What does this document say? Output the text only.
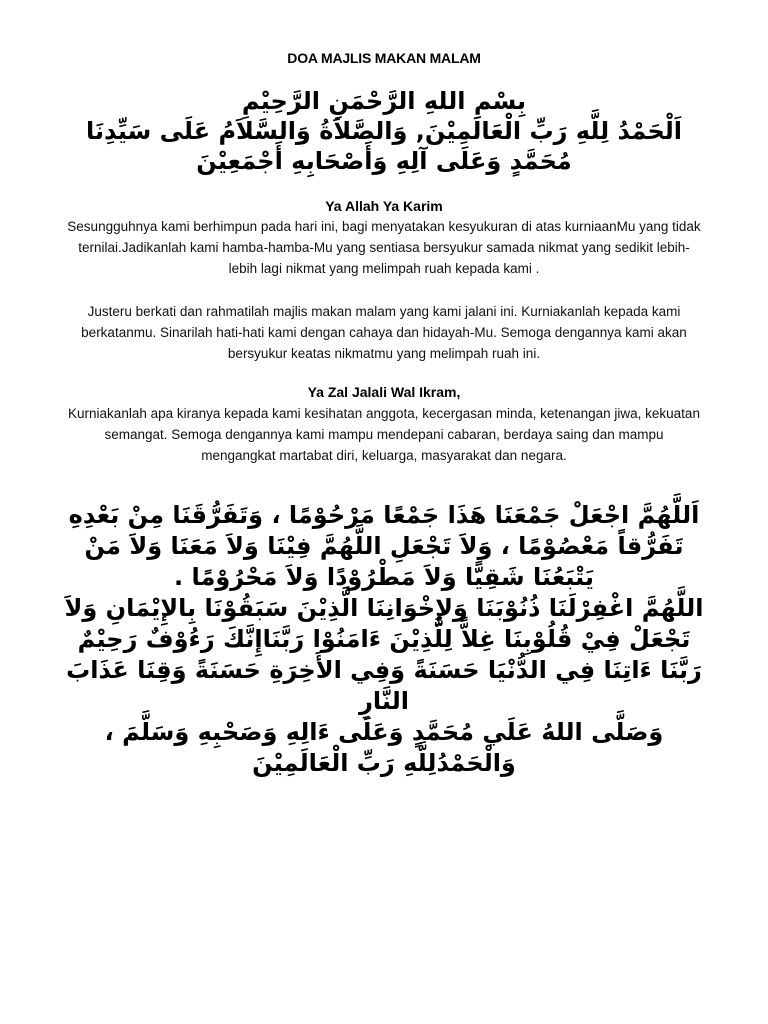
DOA MAJLIS MAKAN MALAM
بِسْمِ اللهِ الرَّحْمَنِ الرَّحِيْمِ
اَلْحَمْدُ لِلَّهِ رَبِّ الْعَالَمِيْنَ, وَالصَّلاَةُ وَالسَّلاَمُ عَلَى سَيِّدِنَا
مُحَمَّدٍ وَعَلَى آلِهِ وَأَصْحَابِهِ أَجْمَعِيْنَ
Ya Allah Ya Karim
Sesungguhnya kami berhimpun pada hari ini, bagi menyatakan kesyukuran di atas kurniaanMu yang tidak
ternilai.Jadikanlah kami hamba-hamba-Mu yang sentiasa bersyukur samada nikmat yang sedikit lebih-
lebih lagi nikmat yang melimpah ruah kepada kami .
Justeru berkati dan rahmatilah majlis makan malam yang kami jalani ini. Kurniakanlah kepada kami
berkatanmu. Sinarilah hati-hati kami dengan cahaya dan hidayah-Mu. Semoga dengannya kami akan
bersyukur keatas nikmatmu yang melimpah ruah ini.
Ya Zal Jalali Wal Ikram,
Kurniakanlah apa kiranya kepada kami kesihatan anggota, kecergasan minda, ketenangan jiwa, kekuatan
semangat. Semoga dengannya kami mampu mendepani cabaran, berdaya saing dan mampu
mengangkat martabat diri, keluarga, masyarakat dan negara.
اَللَّهُمَّ اجْعَلْ جَمْعَنَا هَذَا جَمْعًا مَرْحُوْمًا ، وَتَفَرُّقَنَا مِنْ بَعْدِهِ
تَفَرُّقاً مَعْصُوْمًا ، وَلاَ تَجْعَلِ اللَّهُمَّ فِيْنَا وَلاَ مَعَنَا وَلاَ مَنْ
يَتْبَعُنَا شَقِيًّا وَلاَ مَطْرُوْدًا وَلاَ مَحْرُوْمًا .
اللَّهُمَّ اغْفِرْلَنَا ذُنُوْبَنَا وَلإِخْوَانِنَا الَّذِيْنَ سَبَقُوْنَا بِالإِيْمَانِ وَلاَ
تَجْعَلْ فِيْ قُلُوْبِنَا غِلاًّ لِلَّذِيْنَ ءَامَنُوْا رَبَّنَاإِنَّكَ رَءُوْفٌ رَحِيْمٌ
رَبَّنَا ءَاتِنَا فِي الدُّنْيَا حَسَنَةً وَفِي الأَخِرَةِ حَسَنَةً وَقِنَا عَذَابَ
النَّارِ
وَصَلَّى اللهُ عَلَي مُحَمَّدٍ وَعَلَى ءَالِهِ وَصَحْبِهِ وَسَلَّمَ ،
وَالْحَمْدُلِلَّهِ رَبِّ الْعَالَمِيْنَ
